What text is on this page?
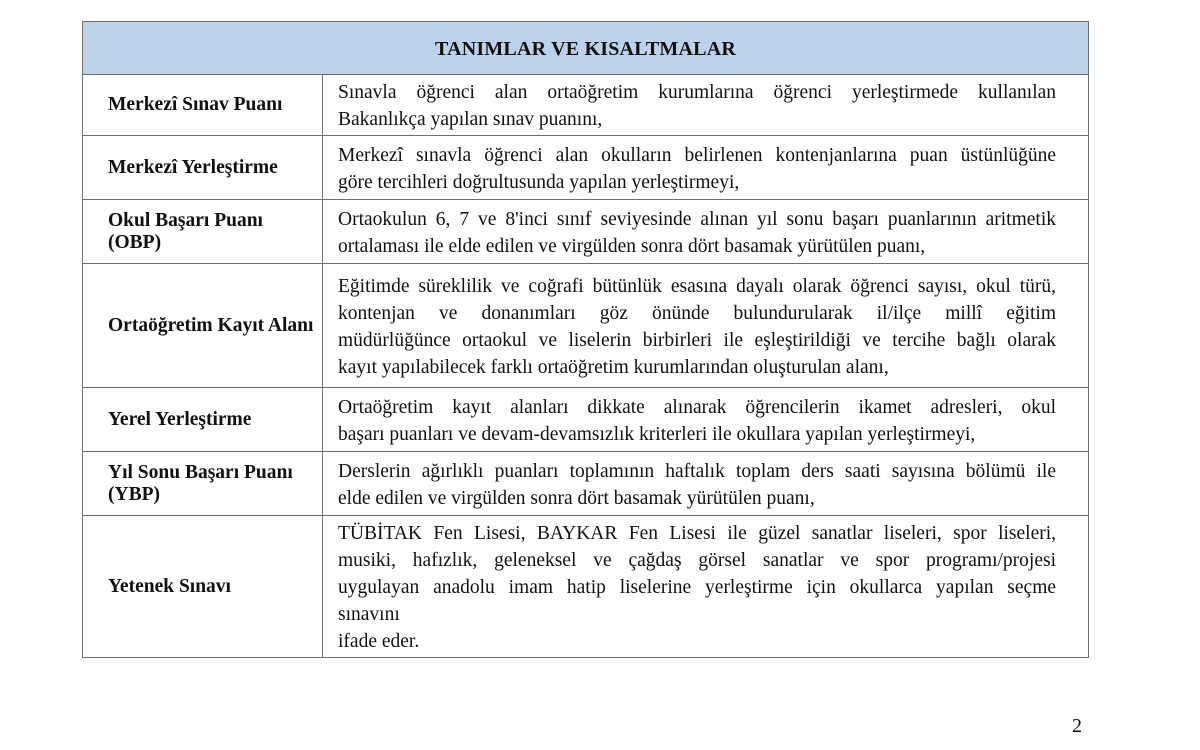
TANIMLAR VE KISALTMALAR	
Merkezî Sınav Puanı	Sınavla öğrenci alan ortaöğretim kurumlarına öğrenci yerleştirmede kullanılan
Bakanlıkça yapılan sınav puanını,

Merkezî Yerleştirme	Merkezî sınavla öğrenci alan okulların belirlenen kontenjanlarına puan üstünlüğüne
göre tercihleri doğrultusunda yapılan yerleştirmeyi,

Okul Başarı Puanı (OBP)	Ortaokulun 6, 7 ve 8'inci sınıf seviyesinde alınan yıl sonu başarı puanlarının aritmetik
ortalaması ile elde edilen ve virgülden sonra dört basamak yürütülen puanı,

Ortaöğretim Kayıt Alanı	Eğitimde süreklilik ve coğrafi bütünlük esasına dayalı olarak öğrenci sayısı, okul türü,
kontenjan ve donanımları göz önünde bulundurularak il/ilçe millî eğitim
müdürlüğünce ortaokul ve liselerin birbirleri ile eşleştirildiği ve tercihe bağlı olarak
kayıt yapılabilecek farklı ortaöğretim kurumlarından oluşturulan alanı,

Yerel Yerleştirme	Ortaöğretim kayıt alanları dikkate alınarak öğrencilerin ikamet adresleri, okul
başarı puanları ve devam-devamsızlık kriterleri ile okullara yapılan yerleştirmeyi,

Yıl Sonu Başarı Puanı (YBP)	Derslerin ağırlıklı puanları toplamının haftalık toplam ders saati sayısına bölümü ile
elde edilen ve virgülden sonra dört basamak yürütülen puanı,

Yetenek Sınavı	TÜBİTAK Fen Lisesi, BAYKAR Fen Lisesi ile güzel sanatlar liseleri, spor liseleri,
musiki, hafızlık, geleneksel ve çağdaş görsel sanatlar ve spor programı/projesi
uygulayan anadolu imam hatip liselerine yerleştirme için okullarca yapılan seçme
sınavını
ifade eder.
2
